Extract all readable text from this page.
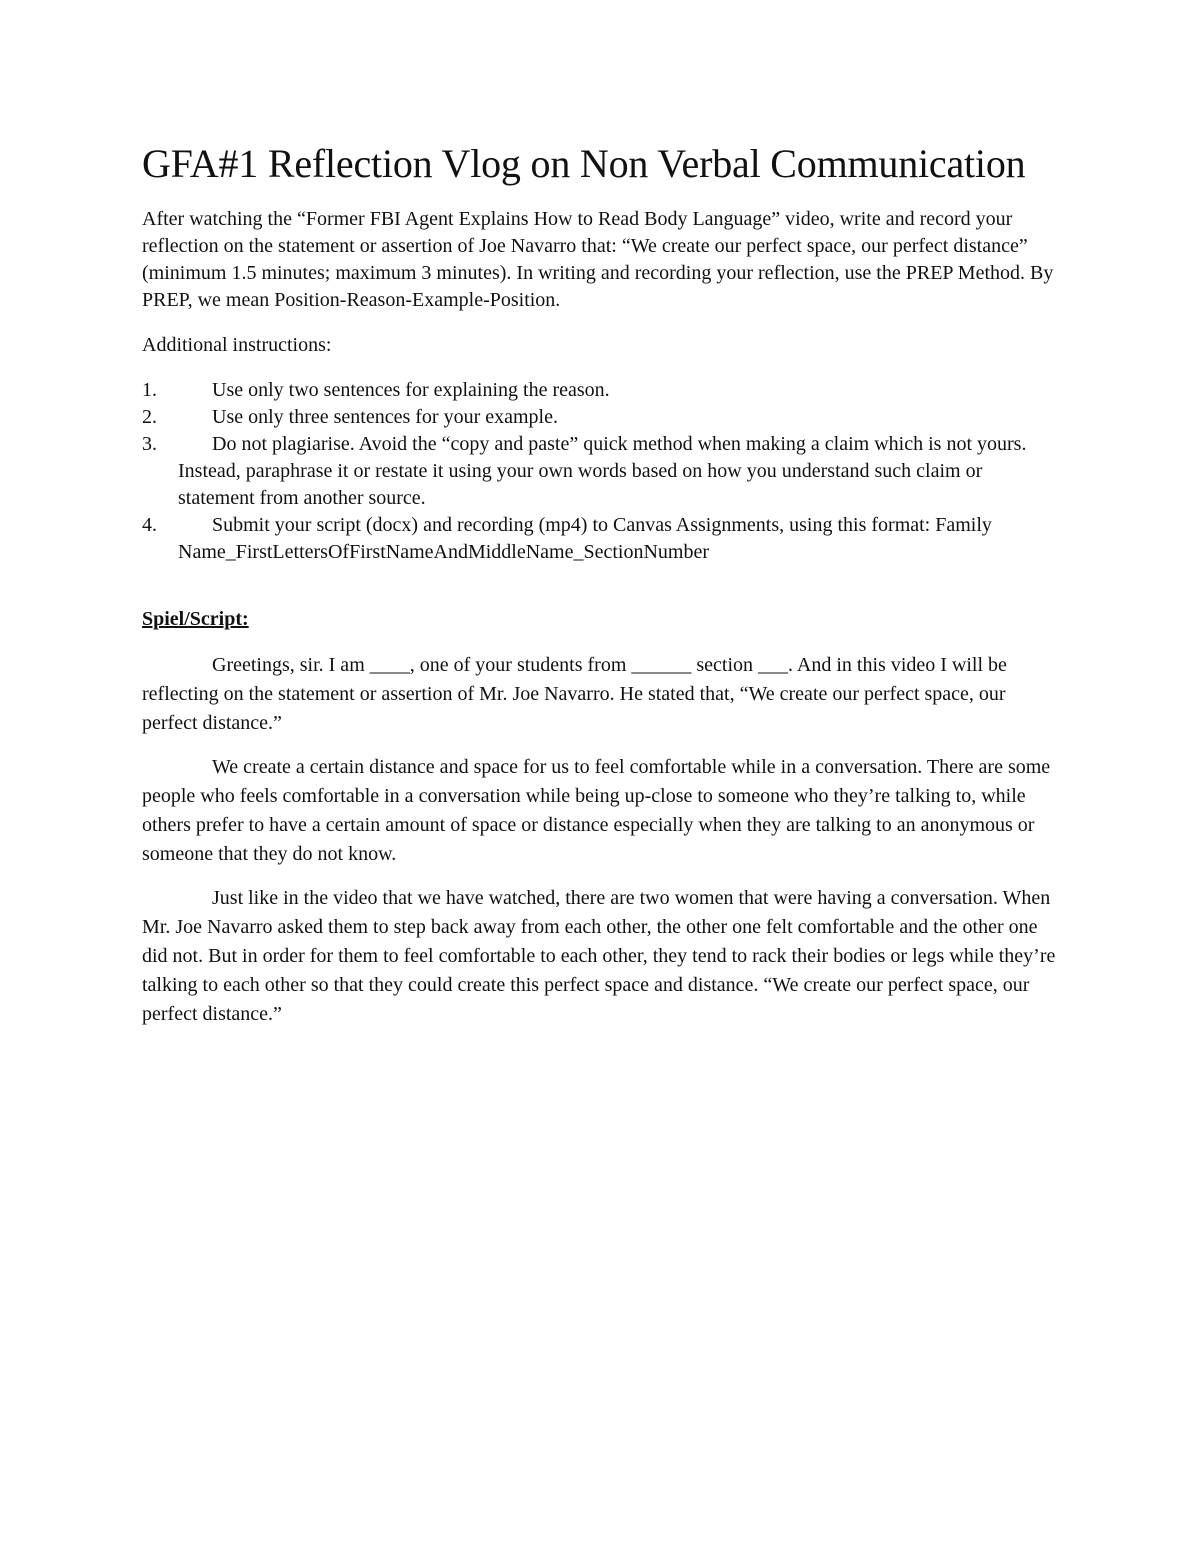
GFA#1 Reflection Vlog on Non Verbal Communication

After watching the “Former FBI Agent Explains How to Read Body Language” video, write and record your reflection on the statement or assertion of Joe Navarro that: “We create our perfect space, our perfect distance” (minimum 1.5 minutes; maximum 3 minutes). In writing and recording your reflection, use the PREP Method. By PREP, we mean Position-Reason-Example-Position.

Additional instructions:

1.	Use only two sentences for explaining the reason.
2.	Use only three sentences for your example.
3.	Do not plagiarise. Avoid the “copy and paste” quick method when making a claim which is not yours. Instead, paraphrase it or restate it using your own words based on how you understand such claim or statement from another source.
4.	Submit your script (docx) and recording (mp4) to Canvas Assignments, using this format: Family Name_FirstLettersOfFirstNameAndMiddleName_SectionNumber
Spiel/Script:

Greetings, sir. I am ____, one of your students from ______ section ___. And in this video I will be reflecting on the statement or assertion of Mr. Joe Navarro. He stated that, “We create our perfect space, our perfect distance.”

We create a certain distance and space for us to feel comfortable while in a conversation. There are some people who feels comfortable in a conversation while being up-close to someone who they’re talking to, while others prefer to have a certain amount of space or distance especially when they are talking to an anonymous or someone that they do not know.

Just like in the video that we have watched, there are two women that were having a conversation. When Mr. Joe Navarro asked them to step back away from each other, the other one felt comfortable and the other one did not. But in order for them to feel comfortable to each other, they tend to rack their bodies or legs while they’re talking to each other so that they could create this perfect space and distance. “We create our perfect space, our perfect distance.”
